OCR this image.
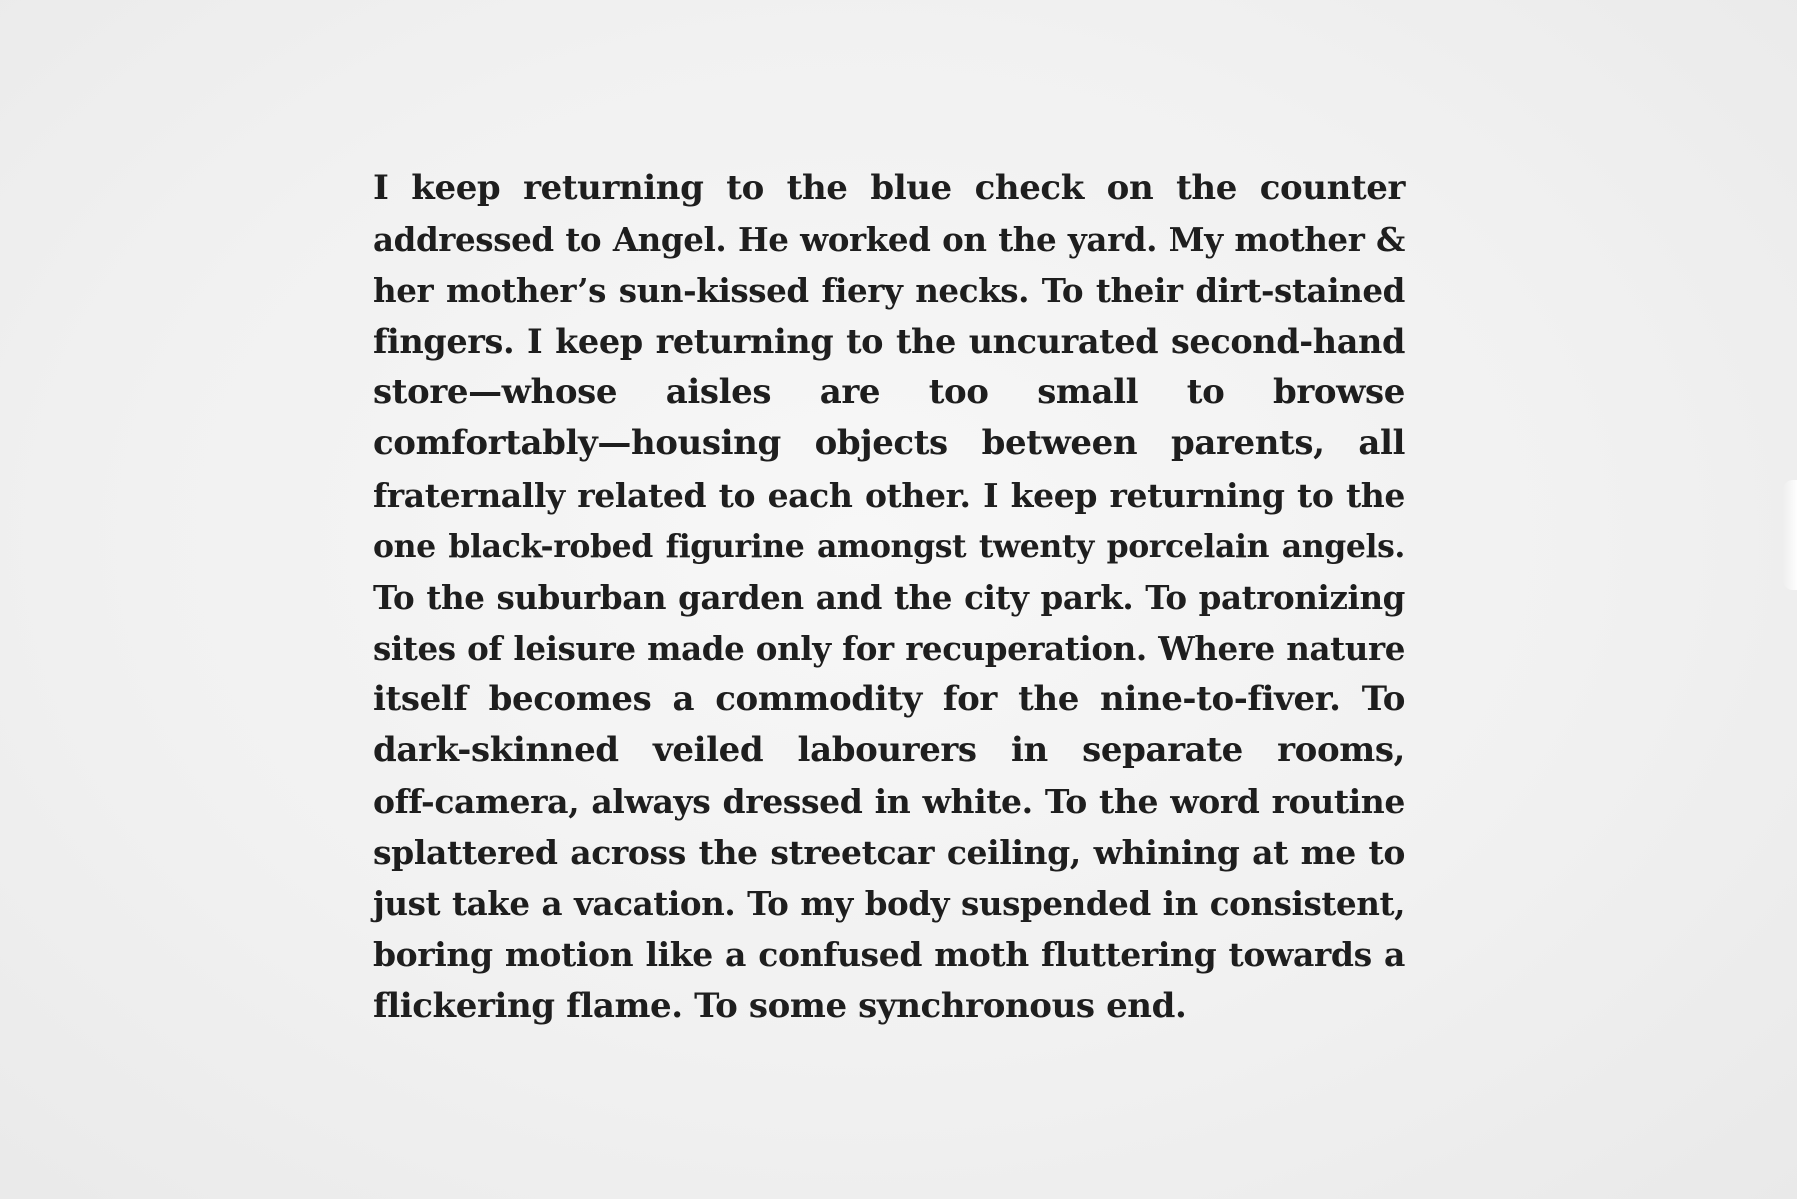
I keep returning to the blue check on the counter
addressed to Angel. He worked on the yard. My mother &
her mother’s sun-kissed fiery necks. To their dirt-stained
fingers. I keep returning to the uncurated second-hand
store—whose aisles are too small to browse
comfortably—housing objects between parents, all
fraternally related to each other. I keep returning to the
one black-robed figurine amongst twenty porcelain angels.
To the suburban garden and the city park. To patronizing
sites of leisure made only for recuperation. Where nature
itself becomes a commodity for the nine-to-fiver. To
dark-skinned veiled labourers in separate rooms,
off-camera, always dressed in white. To the word routine
splattered across the streetcar ceiling, whining at me to
just take a vacation. To my body suspended in consistent,
boring motion like a confused moth fluttering towards a
flickering flame. To some synchronous end.
